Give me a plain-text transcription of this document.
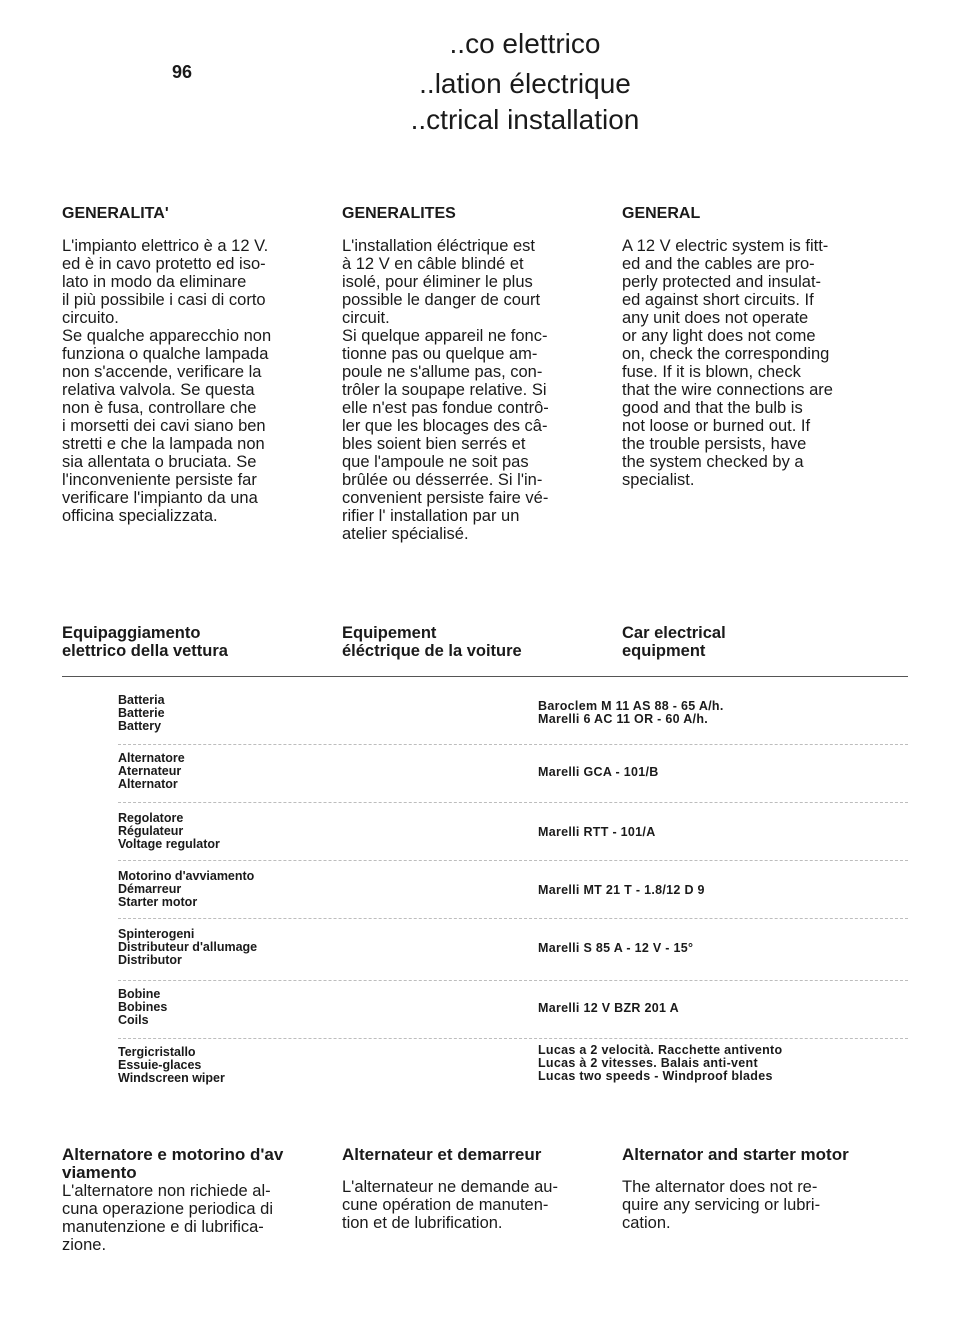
96
..co elettrico
..lation électrique
..ctrical installation
GENERALITA'
L'impianto elettrico è a 12 V.
ed è in cavo protetto ed iso-
lato in modo da eliminare
il più possibile i casi di corto
circuito.
Se qualche apparecchio non
funziona o qualche lampada
non s'accende, verificare la
relativa valvola. Se questa
non è fusa, controllare che
i morsetti dei cavi siano ben
stretti e che la lampada non
sia allentata o bruciata. Se
l'inconveniente persiste far
verificare l'impianto da una
officina specializzata.
GENERALITES
L'installation éléctrique est
à 12 V en câble blindé et
isolé, pour éliminer le plus
possible le danger de court
circuit.
Si quelque appareil ne fonc-
tionne pas ou quelque am-
poule ne s'allume pas, con-
trôler la soupape relative. Si
elle n'est pas fondue contrô-
ler que les blocages des câ-
bles soient bien serrés et
que l'ampoule ne soit pas
brûlée ou désserrée. Si l'in-
convenient persiste faire vé-
rifier l' installation par un
atelier spécialisé.
GENERAL
A 12 V electric system is fitt-
ed and the cables are pro-
perly protected and insulat-
ed against short circuits. If
any unit does not operate
or any light does not come
on, check the corresponding
fuse. If it is blown, check
that the wire connections are
good and that the bulb is
not loose or burned out. If
the trouble persists, have
the system checked by a
specialist.
Equipaggiamento
elettrico della vettura
Equipement
éléctrique de la voiture
Car electrical
equipment
Batteria
Batterie
Battery
Baroclem M 11 AS 88 - 65 A/h.
Marelli 6 AC 11 OR - 60 A/h.
Alternatore
Aternateur
Alternator
Marelli GCA - 101/B
Regolatore
Régulateur
Voltage regulator
Marelli RTT - 101/A
Motorino d'avviamento
Démarreur
Starter motor
Marelli MT 21 T - 1.8/12 D 9
Spinterogeni
Distributeur d'allumage
Distributor
Marelli S 85 A - 12 V - 15°
Bobine
Bobines
Coils
Marelli 12 V BZR 201 A
Tergicristallo
Essuie-glaces
Windscreen wiper
Lucas a 2 velocità. Racchette antivento
Lucas à 2 vitesses. Balais anti-vent
Lucas two speeds - Windproof blades
Alternatore e motorino d'av
viamento
L'alternatore non richiede al-
cuna operazione periodica di
manutenzione e di lubrifica-
zione.
Alternateur et demarreur
L'alternateur ne demande au-
cune opération de manuten-
tion et de lubrification.
Alternator and starter motor
The alternator does not re-
quire any servicing or lubri-
cation.
